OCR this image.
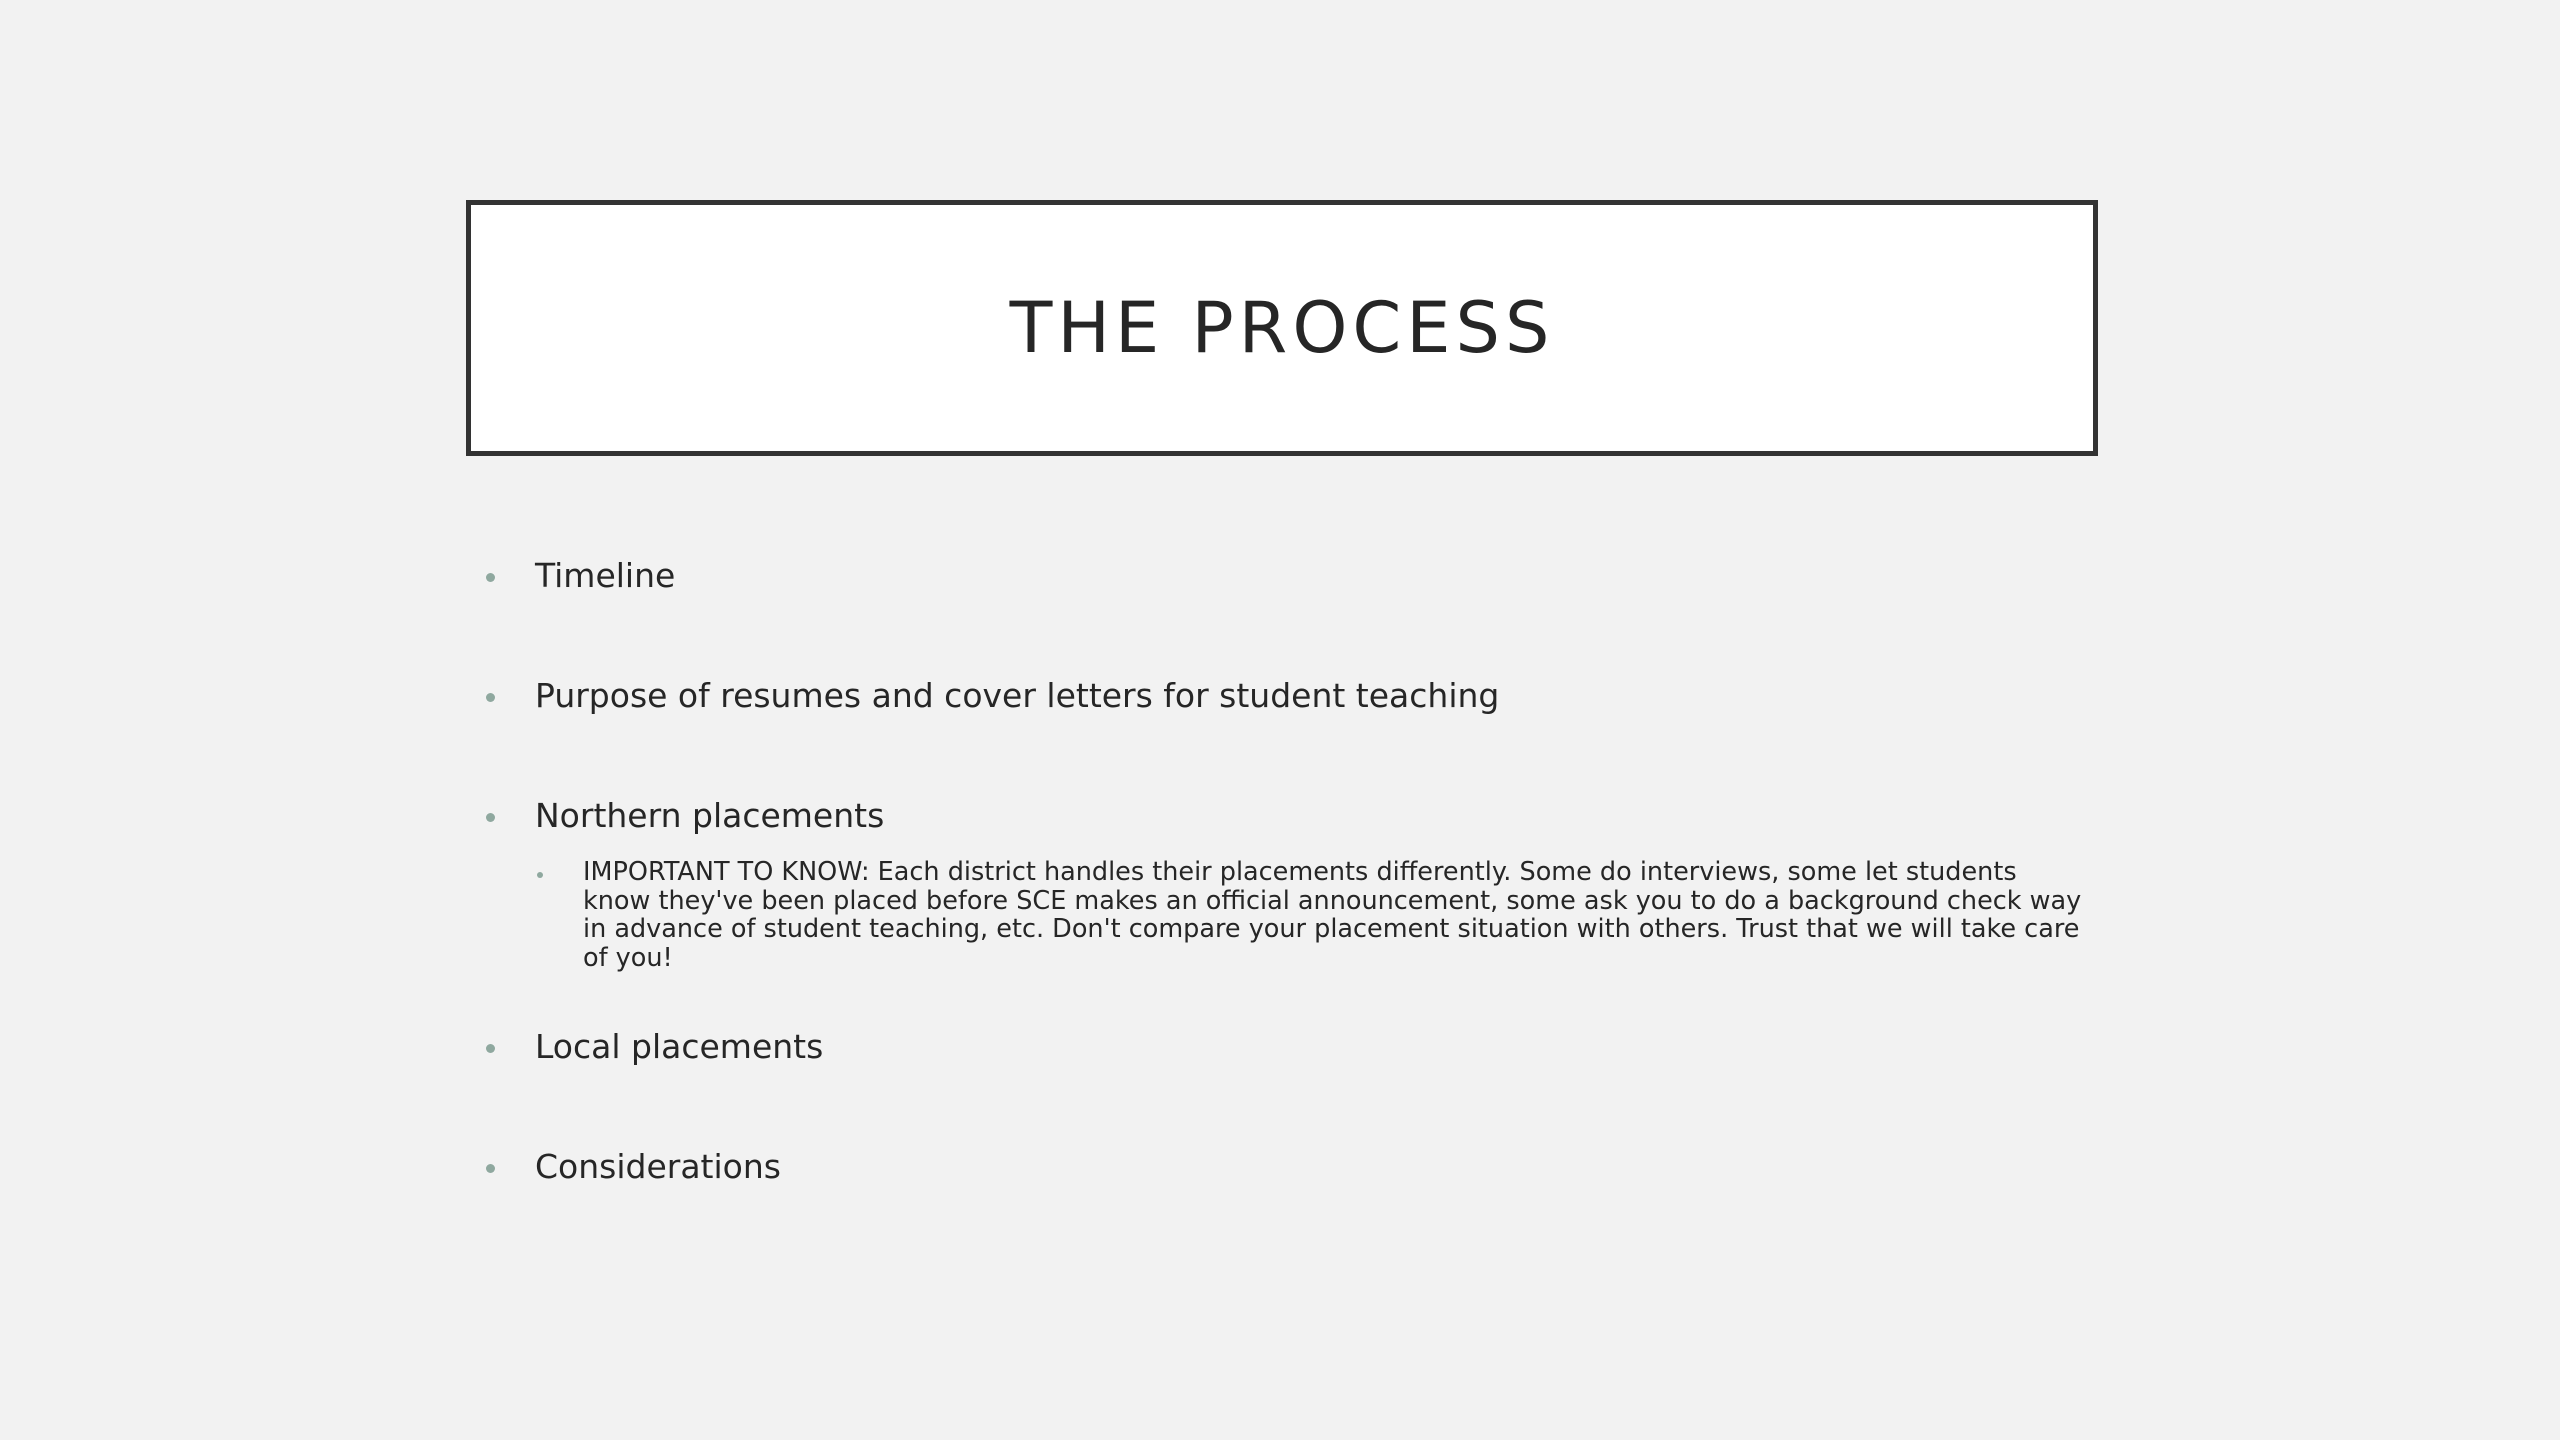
THE PROCESS
Timeline
Purpose of resumes and cover letters for student teaching
Northern placements
IMPORTANT TO KNOW: Each district handles their placements differently. Some do interviews, some let students know they've been placed before SCE makes an official announcement, some ask you to do a background check way in advance of student teaching, etc. Don't compare your placement situation with others. Trust that we will take care of you!
Local placements
Considerations
